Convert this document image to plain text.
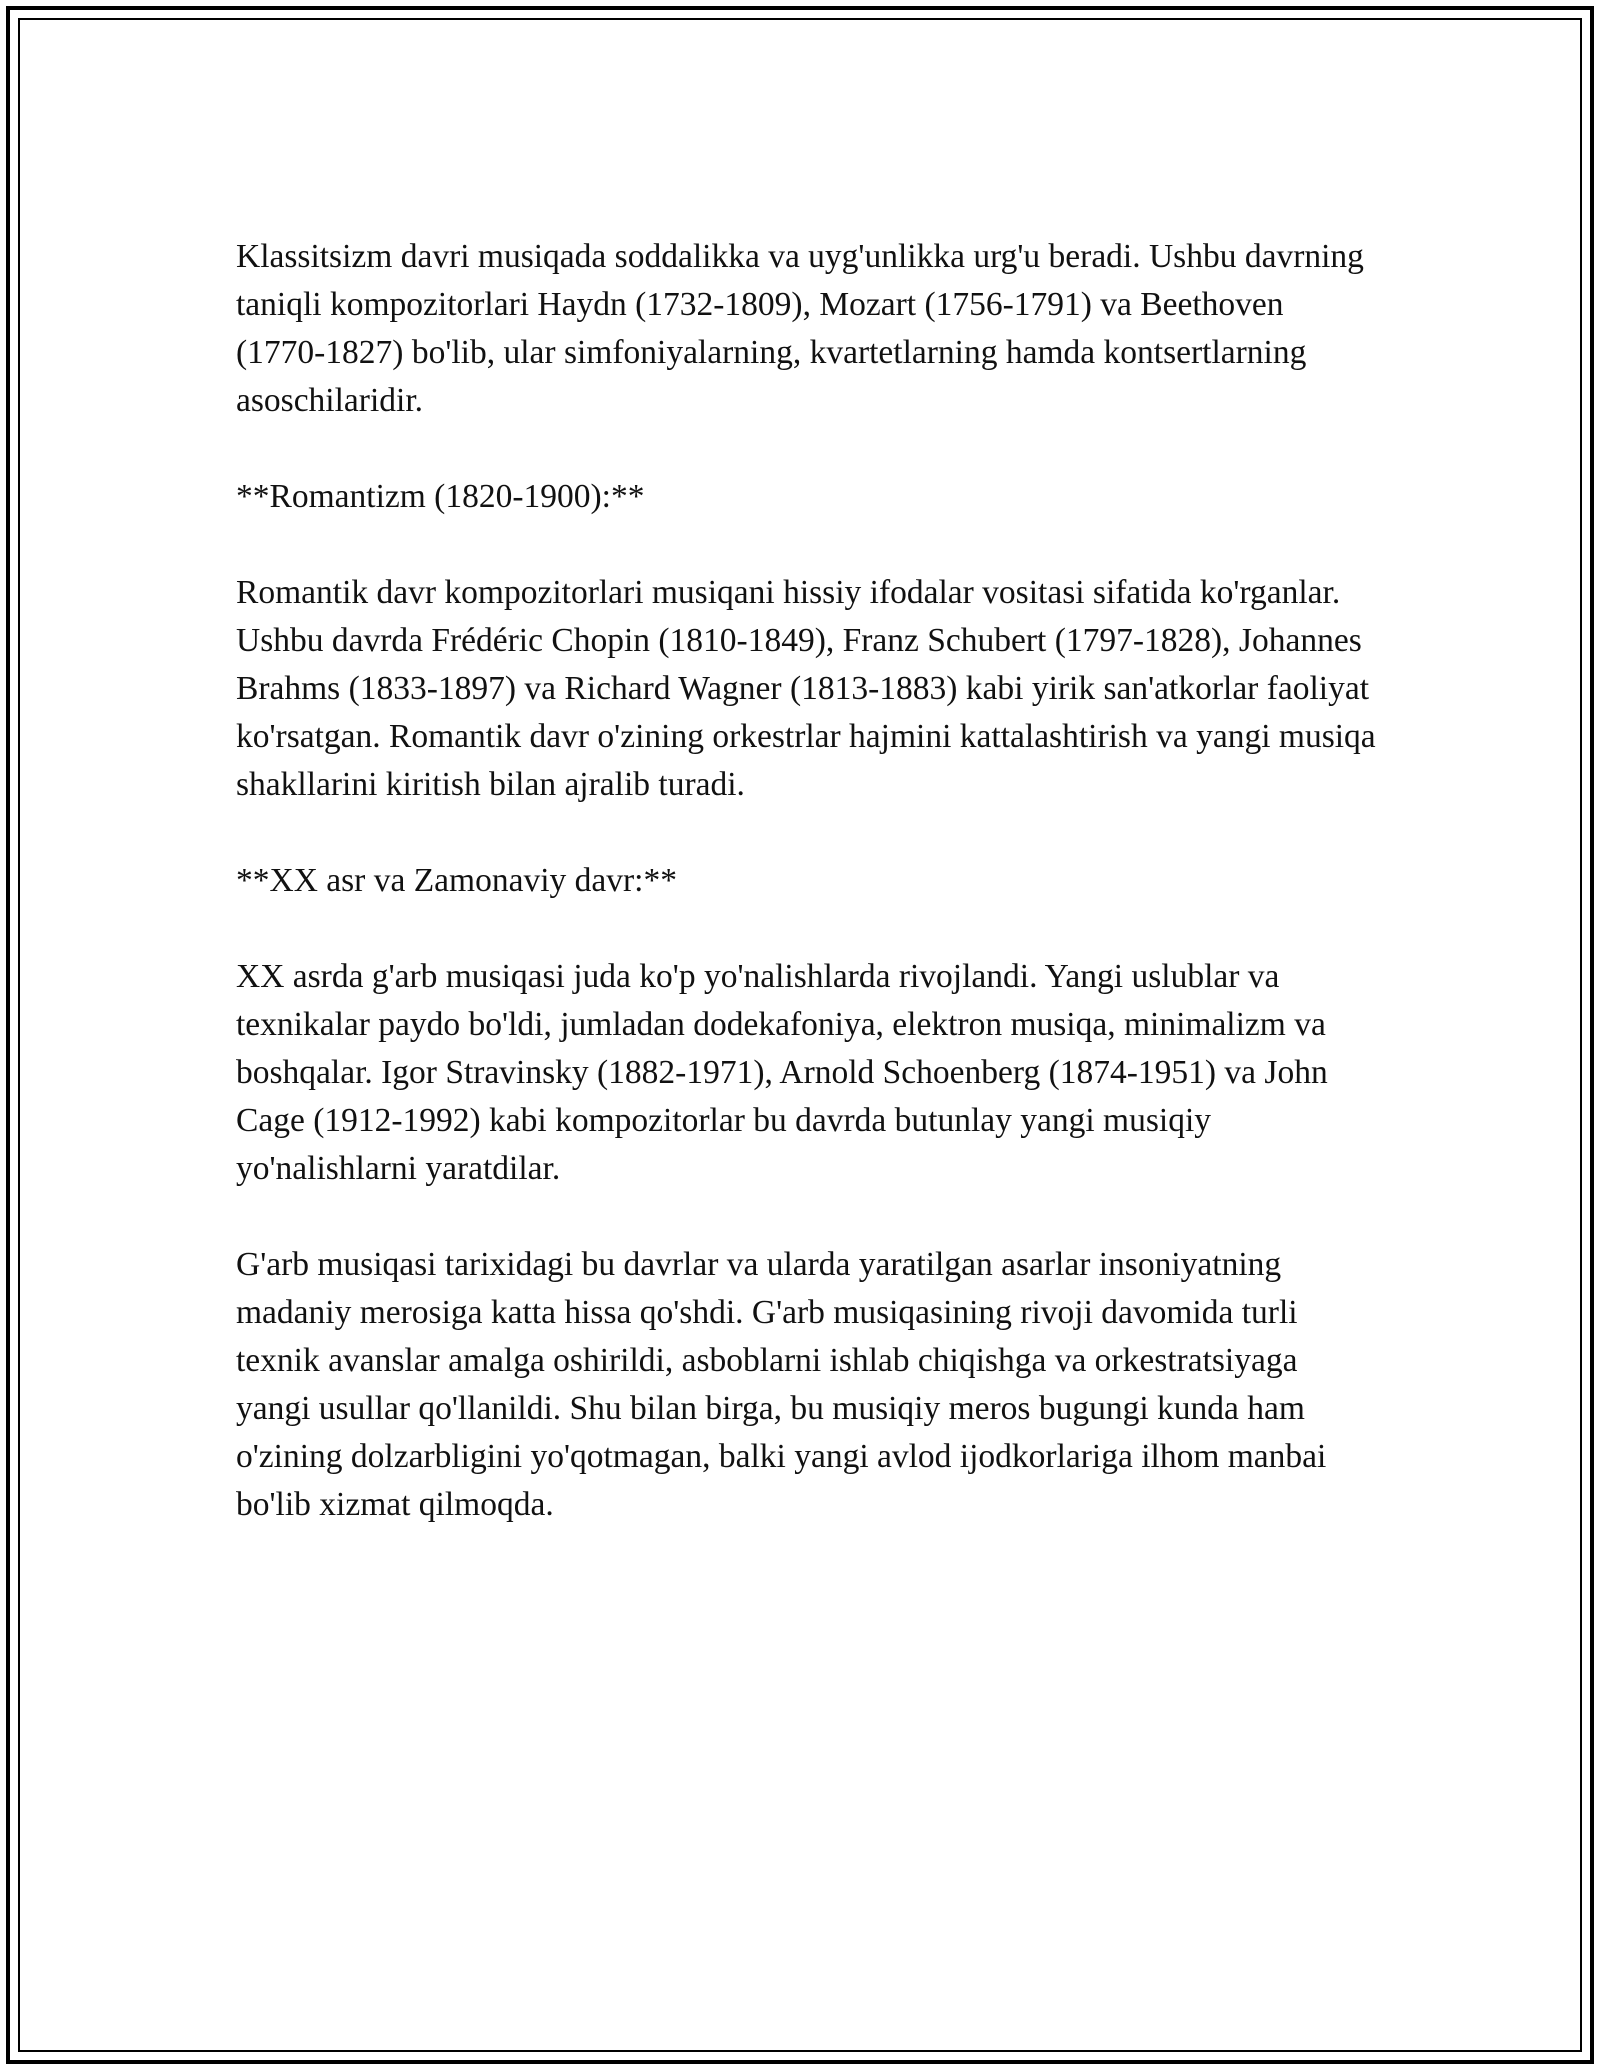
Klassitsizm davri musiqada soddalikka va uyg'unlikka urg'u beradi. Ushbu davrning taniqli kompozitorlari Haydn (1732-1809), Mozart (1756-1791) va Beethoven (1770-1827) bo'lib, ular simfoniyalarning, kvartetlarning hamda kontsertlarning asoschilaridir.

**Romantizm (1820-1900):**

Romantik davr kompozitorlari musiqani hissiy ifodalar vositasi sifatida ko'rganlar. Ushbu davrda Frédéric Chopin (1810-1849), Franz Schubert (1797-1828), Johannes Brahms (1833-1897) va Richard Wagner (1813-1883) kabi yirik san'atkorlar faoliyat ko'rsatgan. Romantik davr o'zining orkestrlar hajmini kattalashtirish va yangi musiqa shakllarini kiritish bilan ajralib turadi.

**XX asr va Zamonaviy davr:**

XX asrda g'arb musiqasi juda ko'p yo'nalishlarda rivojlandi. Yangi uslublar va texnikalar paydo bo'ldi, jumladan dodekafoniya, elektron musiqa, minimalizm va boshqalar. Igor Stravinsky (1882-1971), Arnold Schoenberg (1874-1951) va John Cage (1912-1992) kabi kompozitorlar bu davrda butunlay yangi musiqiy yo'nalishlarni yaratdilar.

G'arb musiqasi tarixidagi bu davrlar va ularda yaratilgan asarlar insoniyatning madaniy merosiga katta hissa qo'shdi. G'arb musiqasining rivoji davomida turli texnik avanslar amalga oshirildi, asboblarni ishlab chiqishga va orkestratsiyaga yangi usullar qo'llanildi. Shu bilan birga, bu musiqiy meros bugungi kunda ham o'zining dolzarbligini yo'qotmagan, balki yangi avlod ijodkorlariga ilhom manbai bo'lib xizmat qilmoqda.
